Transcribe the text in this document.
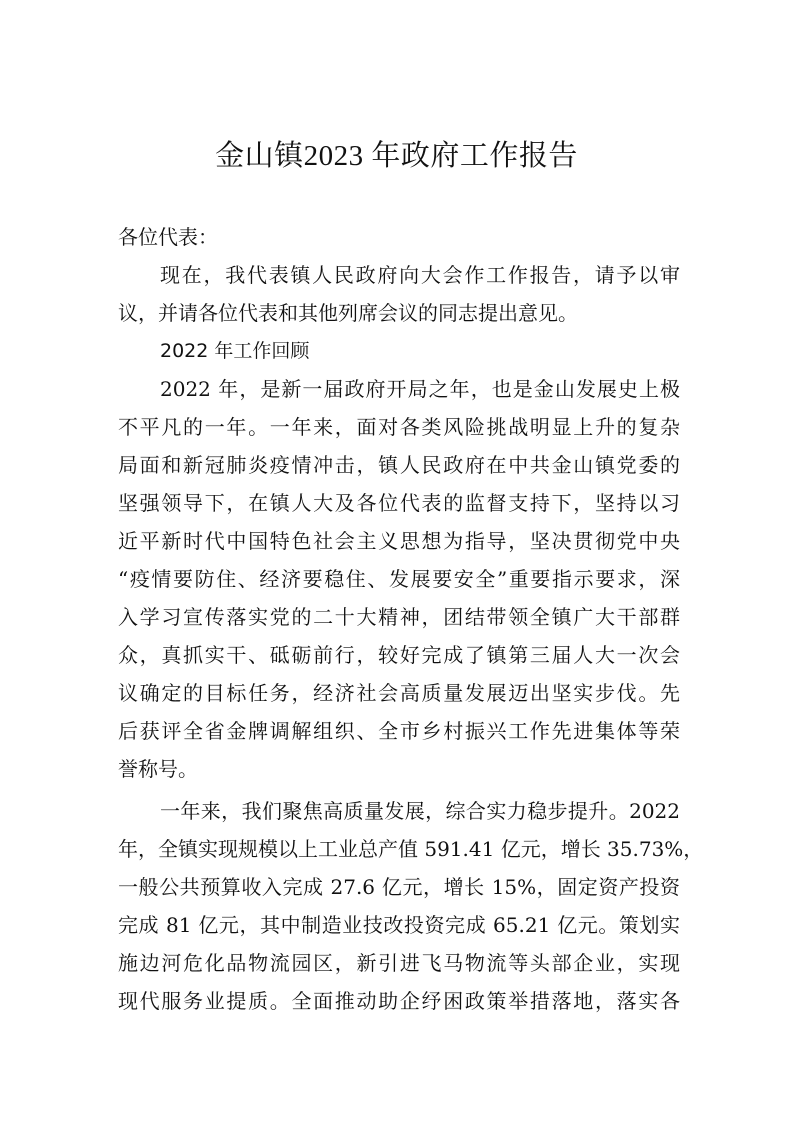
金山镇2023 年政府工作报告
各位代表：
现在，我代表镇人民政府向大会作工作报告，请予以审
议，并请各位代表和其他列席会议的同志提出意见。
2022 年工作回顾
2022 年，是新一届政府开局之年，也是金山发展史上极
不平凡的一年。一年来，面对各类风险挑战明显上升的复杂
局面和新冠肺炎疫情冲击，镇人民政府在中共金山镇党委的
坚强领导下，在镇人大及各位代表的监督支持下，坚持以习
近平新时代中国特色社会主义思想为指导，坚决贯彻党中央
“疫情要防住、经济要稳住、发展要安全”重要指示要求，深
入学习宣传落实党的二十大精神，团结带领全镇广大干部群
众，真抓实干、砥砺前行，较好完成了镇第三届人大一次会
议确定的目标任务，经济社会高质量发展迈出坚实步伐。先
后获评全省金牌调解组织、全市乡村振兴工作先进集体等荣
誉称号。
一年来，我们聚焦高质量发展，综合实力稳步提升。2022
年，全镇实现规模以上工业总产值 591.41 亿元，增长 35.73%，
一般公共预算收入完成 27.6 亿元，增长 15%，固定资产投资
完成 81 亿元，其中制造业技改投资完成 65.21 亿元。策划实
施边河危化品物流园区，新引进飞马物流等头部企业，实现
现代服务业提质。全面推动助企纾困政策举措落地，落实各
